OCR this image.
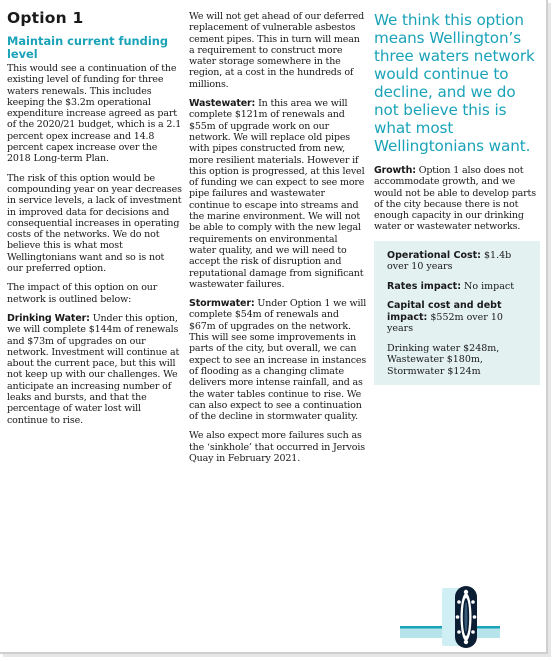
Option 1
Maintain current funding level

This would see a continuation of the existing level of funding for three waters renewals. This includes keeping the $3.2m operational expenditure increase agreed as part of the 2020/21 budget, which is a 2.1 percent opex increase and 14.8 percent capex increase over the 2018 Long-term Plan.

The risk of this option would be compounding year on year decreases in service levels, a lack of investment in improved data for decisions and consequential increases in operating costs of the networks. We do not believe this is what most Wellingtonians want and so is not our preferred option.

The impact of this option on our network is outlined below:

Drinking Water: Under this option, we will complete $144m of renewals and $73m of upgrades on our network. Investment will continue at about the current pace, but this will not keep up with our challenges. We anticipate an increasing number of leaks and bursts, and that the percentage of water lost will continue to rise.

We will not get ahead of our deferred replacement of vulnerable asbestos cement pipes. This in turn will mean a requirement to construct more water storage somewhere in the region, at a cost in the hundreds of millions.

Wastewater: In this area we will complete $121m of renewals and $55m of upgrade work on our network. We will replace old pipes with pipes constructed from new, more resilient materials. However if this option is progressed, at this level of funding we can expect to see more pipe failures and wastewater continue to escape into streams and the marine environment. We will not be able to comply with the new legal requirements on environmental water quality, and we will need to accept the risk of disruption and reputational damage from significant wastewater failures.

Stormwater: Under Option 1 we will complete $54m of renewals and $67m of upgrades on the network. This will see some improvements in parts of the city, but overall, we can expect to see an increase in instances of flooding as a changing climate delivers more intense rainfall, and as the water tables continue to rise. We can also expect to see a continuation of the decline in stormwater quality.

We also expect more failures such as the ‘sinkhole’ that occurred in Jervois Quay in February 2021.

We think this option means Wellington’s three waters network would continue to decline, and we do not believe this is what most Wellingtonians want.

Growth: Option 1 also does not accommodate growth, and we would not be able to develop parts of the city because there is not enough capacity in our drinking water or wastewater networks.

Operational Cost: $1.4b over 10 years
Rates impact: No impact
Capital cost and debt impact: $552m over 10 years
Drinking water $248m, Wastewater $180m, Stormwater $124m
